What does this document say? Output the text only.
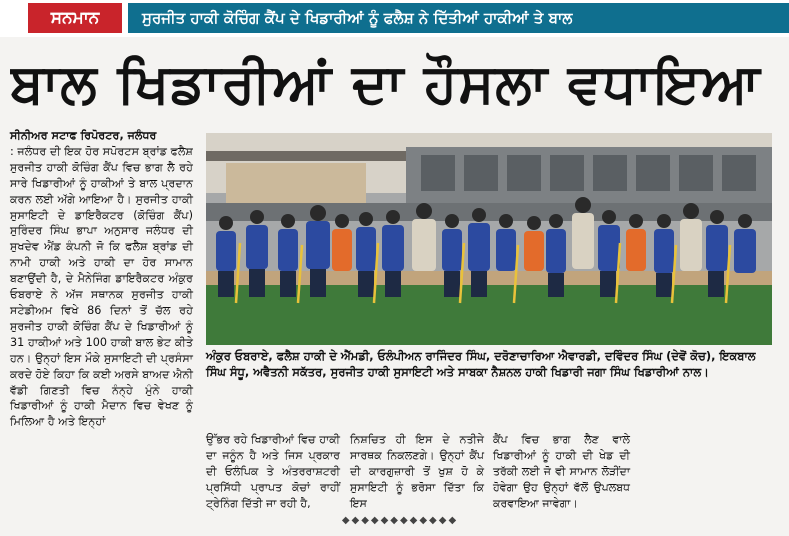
ਸਨਮਾਨ	ਸੁਰਜੀਤ ਹਾਕੀ ਕੋਚਿੰਗ ਕੈਂਪ ਦੇ ਖਿਡਾਰੀਆਂ ਨੂੰ ਫਲੈਸ਼ ਨੇ ਦਿੱਤੀਆਂ ਹਾਕੀਆਂ ਤੇ ਬਾਲ
ਬਾਲ ਖਿਡਾਰੀਆਂ ਦਾ ਹੌਸਲਾ ਵਧਾਇਆ
ਸੀਨੀਅਰ ਸਟਾਫ ਰਿਪੋਰਟਰ, ਜਲੰਧਰ
: ਜਲੰਧਰ ਦੀ ਇਕ ਹੋਰ ਸਪੋਰਟਸ ਬ੍ਰਾਂਡ ਫਲੈਸ਼ ਸੁਰਜੀਤ ਹਾਕੀ ਕੋਚਿੰਗ ਕੈਂਪ ਵਿਚ ਭਾਗ ਲੈ ਰਹੇ ਸਾਰੇ ਖਿਡਾਰੀਆਂ ਨੂੰ ਹਾਕੀਆਂ ਤੇ ਬਾਲ ਪ੍ਰਦਾਨ ਕਰਨ ਲਈ ਅੱਗੇ ਆਇਆ ਹੈ। ਸੁਰਜੀਤ ਹਾਕੀ ਸੁਸਾਇਟੀ ਦੇ ਡਾਇਰੈਕਟਰ (ਕੋਚਿੰਗ ਕੈਂਪ) ਸੁਰਿੰਦਰ ਸਿੰਘ ਭਾਪਾ ਅਨੁਸਾਰ ਜਲੰਧਰ ਦੀ ਸੁਖਦੇਵ ਐਂਡ ਕੰਪਨੀ ਜੋ ਕਿ ਫਲੈਸ਼ ਬ੍ਰਾਂਡ ਦੀ ਨਾਮੀ ਹਾਕੀ ਅਤੇ ਹਾਕੀ ਦਾ ਹੋਰ ਸਾਮਾਨ ਬਣਾਉਂਦੀ ਹੈ, ਦੇ ਮੈਨੇਜਿੰਗ ਡਾਇਰੈਕਟਰ ਅੰਕੁਰ ਓਬਰਾਏ ਨੇ ਅੱਜ ਸਥਾਨਕ ਸੁਰਜੀਤ ਹਾਕੀ ਸਟੇਡੀਅਮ ਵਿਖੇ 86 ਦਿਨਾਂ ਤੋਂ ਚੱਲ ਰਹੇ ਸੁਰਜੀਤ ਹਾਕੀ ਕੋਚਿੰਗ ਕੈਂਪ ਦੇ ਖਿਡਾਰੀਆਂ ਨੂੰ 31 ਹਾਕੀਆਂ ਅਤੇ 100 ਹਾਕੀ ਬਾਲ ਭੇਟ ਕੀਤੇ ਹਨ। ਉਨ੍ਹਾਂ ਇਸ ਮੌਕੇ ਸੁਸਾਇਟੀ ਦੀ ਪ੍ਰਸੰਸਾ ਕਰਦੇ ਹੋਏ ਕਿਹਾ ਕਿ ਕਈ ਅਰਸੇ ਬਾਅਦ ਐਨੀ ਵੱਡੀ ਗਿਣਤੀ ਵਿਚ ਨੰਨ੍ਹੇ ਮੁੰਨੇ ਹਾਕੀ ਖਿਡਾਰੀਆਂ ਨੂੰ ਹਾਕੀ ਮੈਦਾਨ ਵਿਚ ਵੇਖਣ ਨੂੰ ਮਿਲਿਆ ਹੈ ਅਤੇ ਇਨ੍ਹਾਂ
ਅੰਕੁਰ ਓਬਰਾਏ, ਫਲੈਸ਼ ਹਾਕੀ ਦੇ ਐੱਮਡੀ, ਓਲੰਪੀਅਨ ਰਾਜਿੰਦਰ ਸਿੰਘ, ਦਰੋਣਾਚਾਰਿਆ ਐਵਾਰਡੀ, ਦਵਿੰਦਰ ਸਿੰਘ (ਦੇਵੋਂ ਕੋਚ), ਇਕਬਾਲ ਸਿੰਘ ਸੰਧੂ, ਅਵੈਤਨੀ ਸਕੱਤਰ, ਸੁਰਜੀਤ ਹਾਕੀ ਸੁਸਾਇਟੀ ਅਤੇ ਸਾਬਕਾ ਨੈਸ਼ਨਲ ਹਾਕੀ ਖਿਡਾਰੀ ਜਗਾ ਸਿੰਘ ਖਿਡਾਰੀਆਂ ਨਾਲ।
ਉੱਭਰ ਰਹੇ ਖਿਡਾਰੀਆਂ ਵਿਚ ਹਾਕੀ ਦਾ ਜਨੂੰਨ ਹੈ ਅਤੇ ਜਿਸ ਪ੍ਰਕਾਰ ਦੀ ਓਲੰਪਿਕ ਤੇ ਅੰਤਰਰਾਸ਼ਟਰੀ ਪ੍ਰਸਿੱਧੀ ਪ੍ਰਾਪਤ ਕੋਚਾਂ ਰਾਹੀਂ ਟ੍ਰੇਨਿੰਗ ਦਿੱਤੀ ਜਾ ਰਹੀ ਹੈ,
ਨਿਸ਼ਚਿਤ ਹੀ ਇਸ ਦੇ ਨਤੀਜੇ ਸਾਰਥਕ ਨਿਕਲਣਗੇ। ਉਨ੍ਹਾਂ ਕੈਂਪ ਦੀ ਕਾਰਗੁਜ਼ਾਰੀ ਤੋਂ ਖੁਸ਼ ਹੋ ਕੇ ਸੁਸਾਇਟੀ ਨੂੰ ਭਰੋਸਾ ਦਿੱਤਾ ਕਿ ਇਸ
ਕੈਂਪ ਵਿਚ ਭਾਗ ਲੈਣ ਵਾਲੇ ਖਿਡਾਰੀਆਂ ਨੂੰ ਹਾਕੀ ਦੀ ਖੇਡ ਦੀ ਤਰੱਕੀ ਲਈ ਜੋ ਵੀ ਸਾਮਾਨ ਲੋੜੀਂਦਾ ਹੋਵੇਗਾ ਉਹ ਉਨ੍ਹਾਂ ਵੱਲੋਂ ਉਪਲਬਧ ਕਰਵਾਇਆ ਜਾਵੇਗਾ।
◆◆◆◆◆◆◆◆◆◆◆◆
